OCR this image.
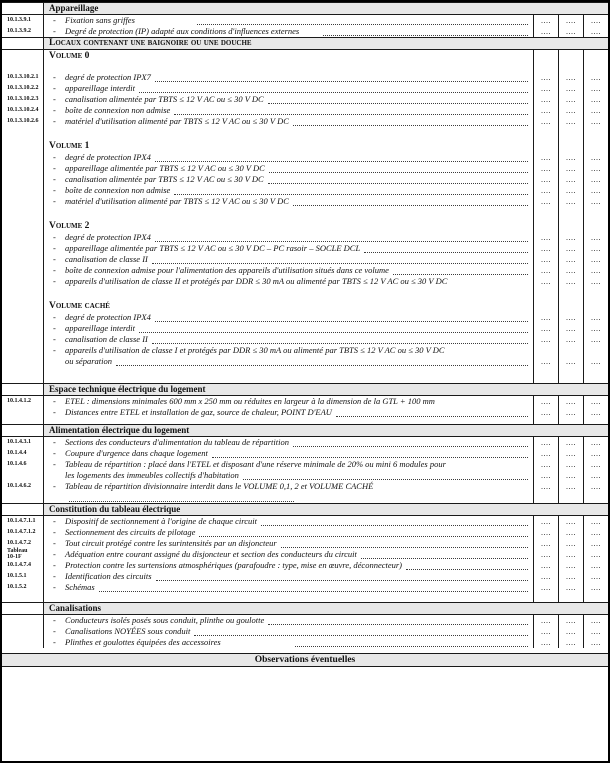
Appareillage
10.1.3.9.1	-	Fixation sans griffes	....	....	....
10.1.3.9.2	-	Degré de protection (IP) adapté aux conditions d'influences externes	....	....	....
Locaux contenant une baignoire ou une douche
Volume 0
10.1.3.10.2.1	-	degré de protection IPX7	....	....	....
10.1.3.10.2.2	-	appareillage interdit	....	....	....
10.1.3.10.2.3	-	canalisation alimentée par TBTS ≤ 12 V AC ou ≤ 30 V DC	....	....	....
10.1.3.10.2.4	-	boîte de connexion non admise	....	....	....
10.1.3.10.2.6	-	matériel d'utilisation alimenté par TBTS ≤ 12 V AC ou ≤ 30 V DC	....	....	....
Volume 1
-	degré de protection IPX4	....	....	....
-	appareillage alimentée par TBTS ≤ 12 V AC ou ≤ 30 V DC	....	....	....
-	canalisation alimentée par TBTS ≤ 12 V AC ou ≤ 30 V DC	....	....	....
-	boîte de connexion non admise	....	....	....
-	matériel d'utilisation alimenté par TBTS ≤ 12 V AC ou ≤ 30 V DC	....	....	....
Volume 2
-	degré de protection IPX4	....	....	....
-	appareillage alimentée par TBTS ≤ 12 V AC ou ≤ 30 V DC – PC rasoir – SOCLE DCL	....	....	....
-	canalisation de classe II	....	....	....
-	boîte de connexion admise pour l'alimentation des appareils d'utilisation situés dans ce volume	....	....	....
-	appareils d'utilisation de classe II et protégés par DDR ≤ 30 mA ou alimenté par TBTS ≤ 12 V AC ou ≤ 30 V DC	....	....	....
Volume caché
-	degré de protection IPX4	....	....	....
-	appareillage interdit	....	....	....
-	canalisation de classe II	....	....	....
-	appareils d'utilisation de classe I et protégés par DDR ≤ 30 mA ou alimenté par TBTS ≤ 12 V AC ou ≤ 30 V DC
ou séparation	....	....	....
Espace technique électrique du logement
10.1.4.1.2	-	ETEL : dimensions minimales 600 mm x 250 mm ou réduites en largeur à la dimension de la GTL + 100 mm	....	....	....
-	Distances entre ETEL et installation de gaz, source de chaleur, POINT D'EAU	....	....	....
Alimentation électrique du logement
10.1.4.3.1	-	Sections des conducteurs d'alimentation du tableau de répartition	....	....	....
10.1.4.4	-	Coupure d'urgence dans chaque logement	....	....	....
10.1.4.6	-	Tableau de répartition : placé dans l'ETEL et disposant d'une réserve minimale de 20% ou mini 6 modules pour	....	....	....
les logements des immeubles collectifs d'habitation	....	....	....
10.1.4.6.2	-	Tableau de répartition divisionnaire interdit dans le VOLUME 0,1, 2 et VOLUME CACHÉ	....	....	....
Constitution du tableau électrique
10.1.4.7.1.1	-	Dispositif de sectionnement à l'origine de chaque circuit	....	....	....
10.1.4.7.1.2	-	Sectionnement des circuits de pilotage	....	....	....
10.1.4.7.2	-	Tout circuit protégé contre les surintensités par un disjoncteur	....	....	....
Tableau
10-1F	-	Adéquation entre courant assigné du disjoncteur et section des conducteurs du circuit	....	....	....
10.1.4.7.4	-	Protection contre les surtensions atmosphériques (parafoudre : type, mise en œuvre, déconnecteur)	....	....	....
10.1.5.1	-	Identification des circuits	....	....	....
10.1.5.2	-	Schémas	....	....	....
Canalisations
-	Conducteurs isolés posés sous conduit, plinthe ou goulotte	....	....	....
-	Canalisations NOYÉES sous conduit	....	....	....
-	Plinthes et goulottes équipées des accessoires	....	....	....
Observations éventuelles
